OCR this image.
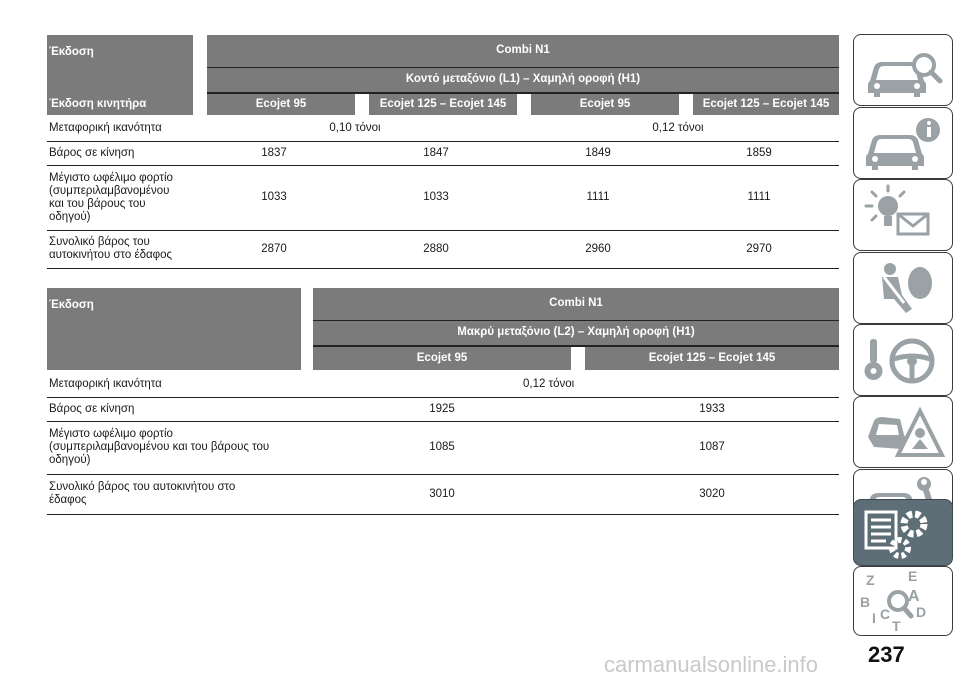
Έκδοση		Combi N1						
		Κοντό μεταξόνιο (L1) – Χαμηλή οροφή (H1)						
Έκδοση κινητήρα		Ecojet 95		Ecojet 125 – Ecojet 145		Ecojet 95		Ecojet 125 – Ecojet 145
Μεταφορική ικανότητα	0,10 τόνοι				0,12 τόνοι			
Βάρος σε κίνηση	1837		1847		1849		1859	

Μέγιστο ωφέλιμο φορτίο
(συμπεριλαμβανομένου
και του βάρους του
οδηγού)	1033		1033		1111		1111	

Συνολικό βάρος του
αυτοκινήτου στο έδαφος	2870		2880		2960		2970	
Έκδοση		Combi N1		
		Μακρύ μεταξόνιο (L2) – Χαμηλή οροφή (H1)		
		Ecojet 95		Ecojet 125 – Ecojet 145
Μεταφορική ικανότητα		0,12 τόνοι		
Βάρος σε κίνηση		1925		1933

Μέγιστο ωφέλιμο φορτίο
(συμπεριλαμβανομένου και του βάρους του
οδηγού)		1085		1087

Συνολικό βάρος του αυτοκινήτου στο
έδαφος		3010		3020
Z E
A
B
C D
T
I
carmanualsonline.info 237
